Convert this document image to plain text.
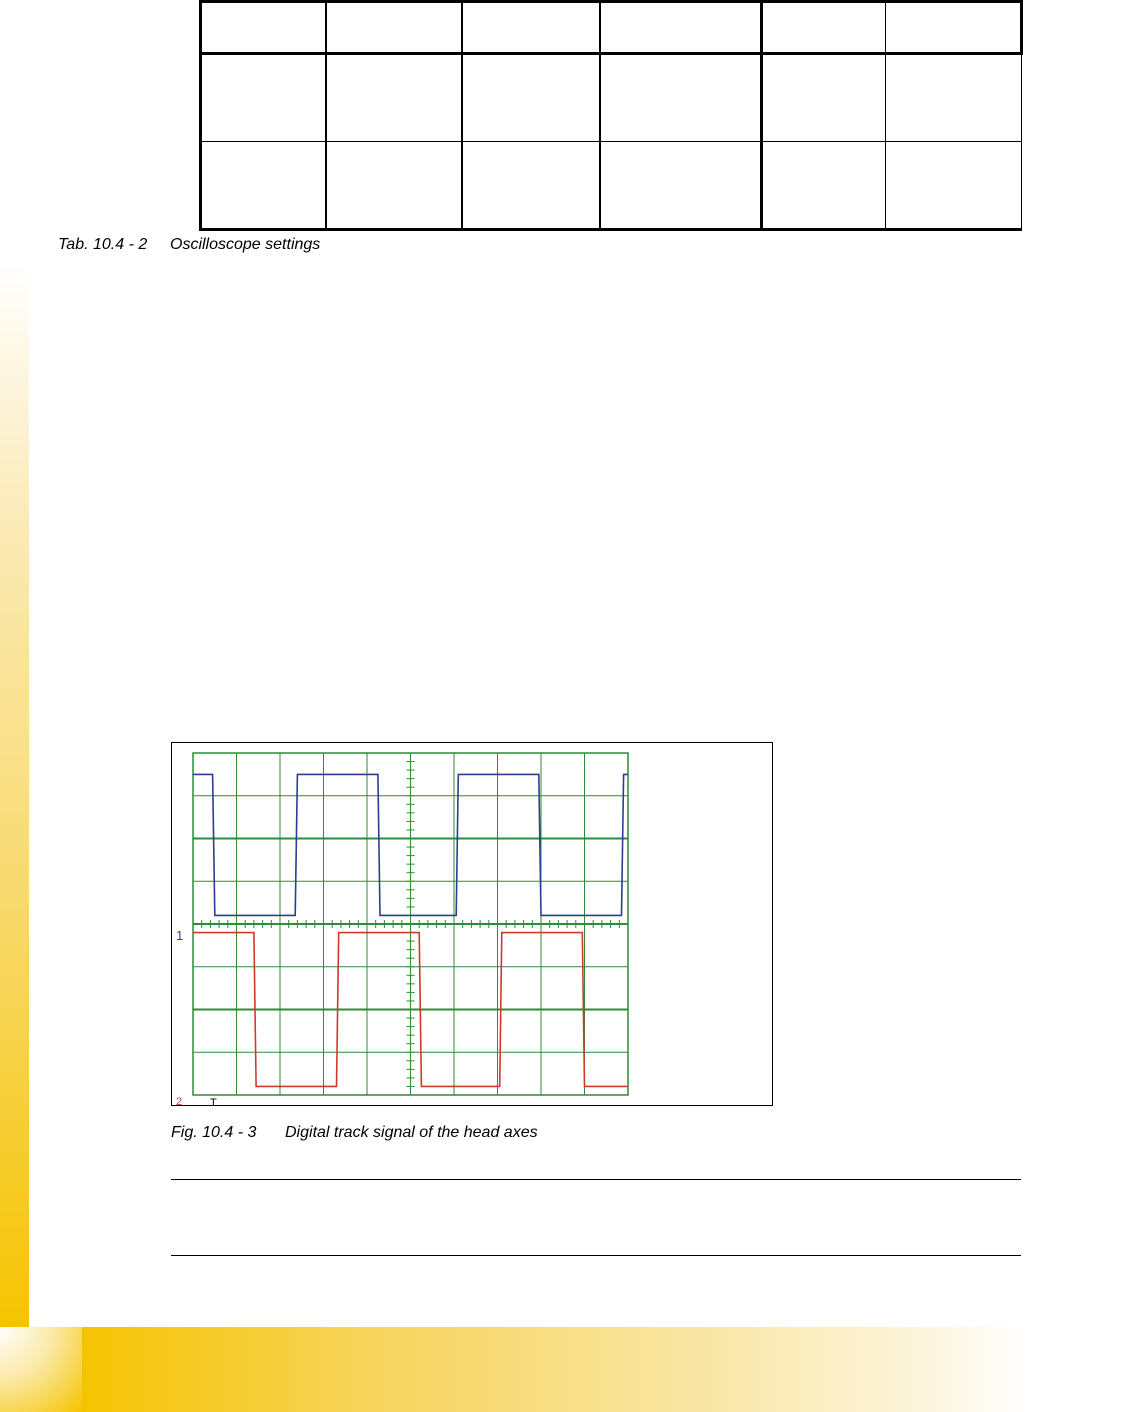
Tab. 10.4 - 2 Oscilloscope settings
1
2	T
Fig. 10.4 - 3 Digital track signal of the head axes
